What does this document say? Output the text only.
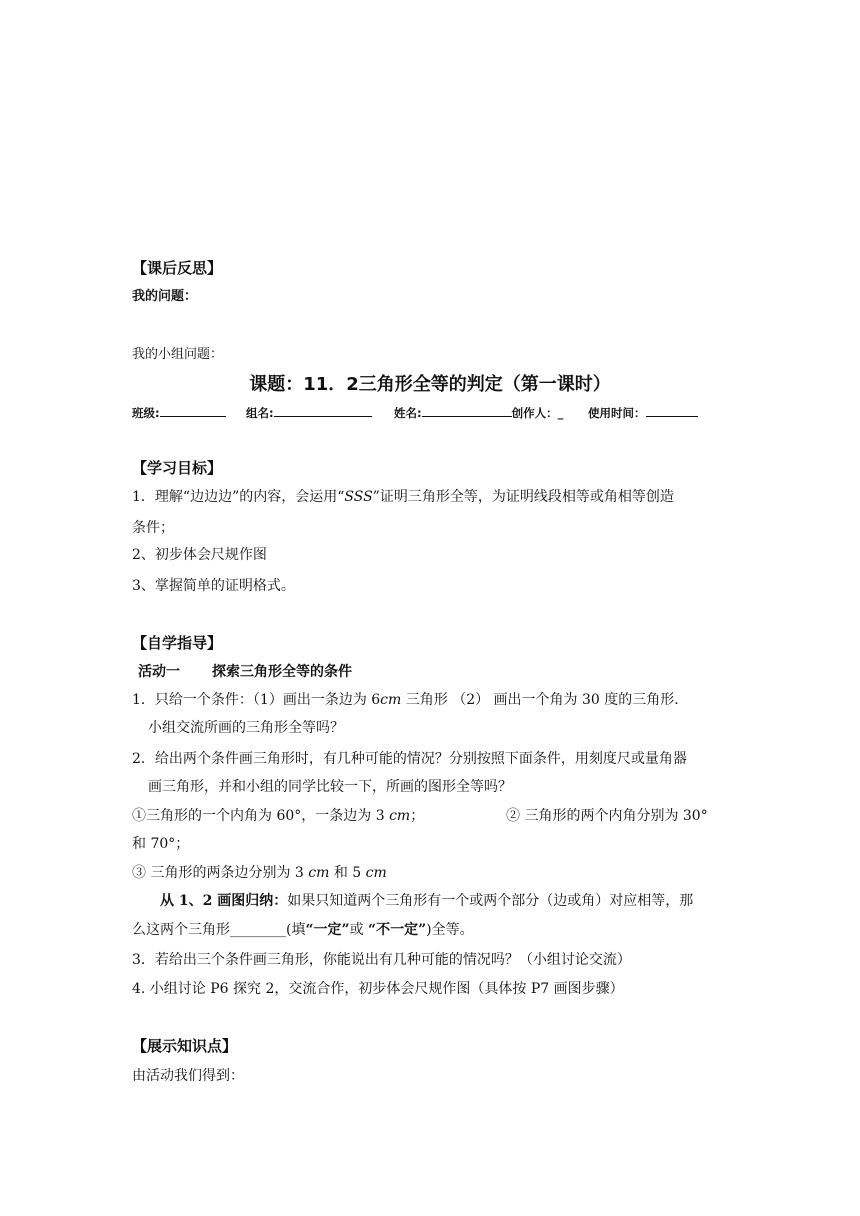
【课后反思】
我的问题：
我的小组问题：
课题：11．2三角形全等的判定（第一课时）
班级:	组名:	姓名:	创作人：_ 使用时间：
【学习目标】
1．理解“边边边”的内容，会运用“SSS”证明三角形全等，为证明线段相等或角相等创造
条件；
2、初步体会尺规作图
3、掌握简单的证明格式。
【自学指导】
活动一 探索三角形全等的条件
1．只给一个条件：（1）画出一条边为 6cm 三角形 （2） 画出一个角为 30 度的三角形.
小组交流所画的三角形全等吗？
2．给出两个条件画三角形时，有几种可能的情况？分别按照下面条件，用刻度尺或量角器
画三角形，并和小组的同学比较一下，所画的图形全等吗？
①三角形的一个内角为 60°，一条边为 3 cm；	② 三角形的两个内角分别为 30°
和 70°；
③ 三角形的两条边分别为 3 cm 和 5 cm
从 1、2 画图归纳：如果只知道两个三角形有一个或两个部分（边或角）对应相等，那
么这两个三角形________(填“一定”或 “不一定”)全等。
3．若给出三个条件画三角形，你能说出有几种可能的情况吗？（小组讨论交流）
4. 小组讨论 P6 探究 2，交流合作，初步体会尺规作图（具体按 P7 画图步骤）
【展示知识点】
由活动我们得到：
